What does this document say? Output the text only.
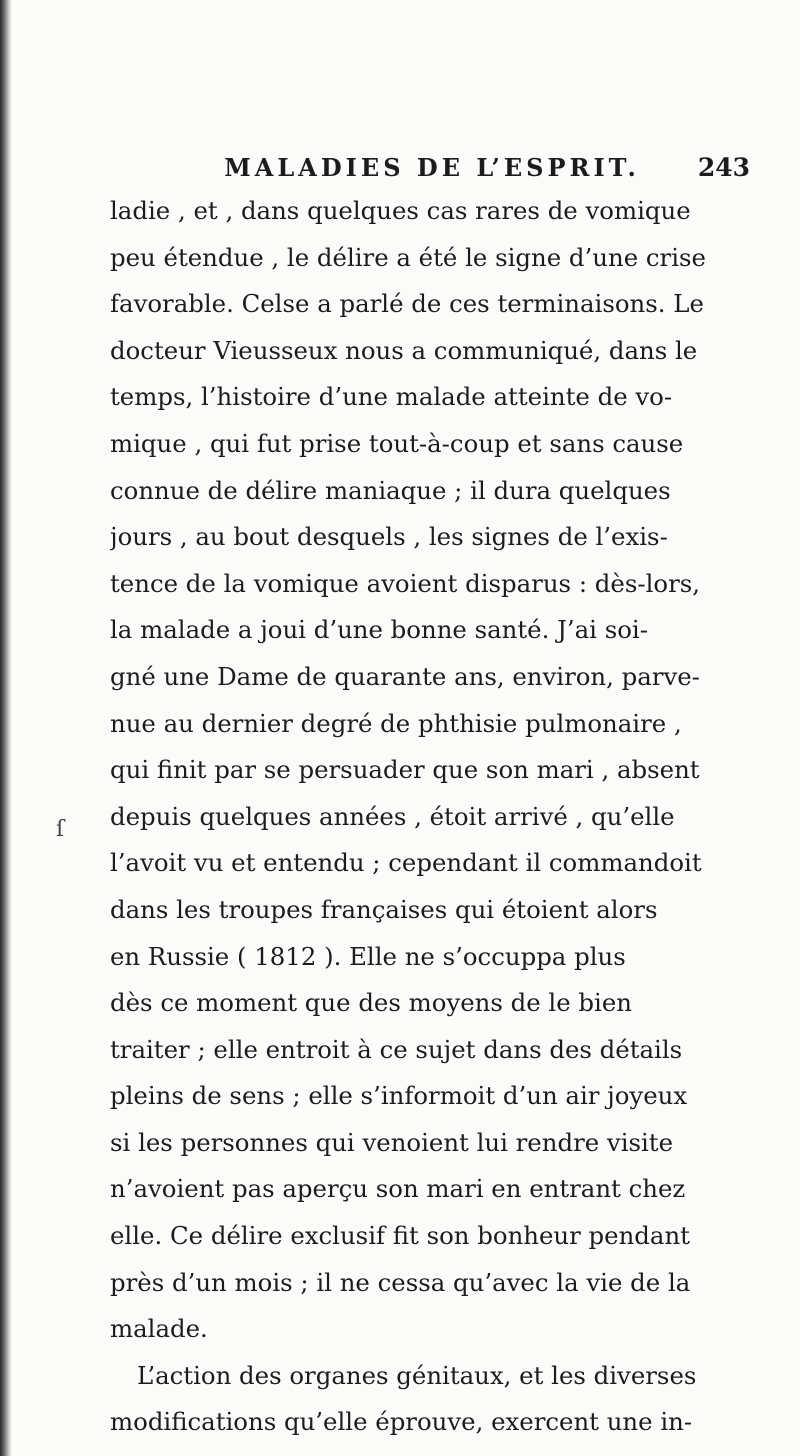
MALADIES DE L’ESPRIT.	243
ſ
ladie , et , dans quelques cas rares de vomique
peu étendue , le délire a été le signe d’une crise
favorable. Celse a parlé de ces terminaisons. Le
docteur Vieusseux nous a communiqué, dans le
temps, l’histoire d’une malade atteinte de vo-
mique , qui fut prise tout-à-coup et sans cause
connue de délire maniaque ; il dura quelques
jours , au bout desquels , les signes de l’exis-
tence de la vomique avoient disparus : dès-lors,
la malade a joui d’une bonne santé. J’ai soi-
gné une Dame de quarante ans, environ, parve-
nue au dernier degré de phthisie pulmonaire ,
qui finit par se persuader que son mari , absent
depuis quelques années , étoit arrivé , qu’elle
l’avoit vu et entendu ; cependant il commandoit
dans les troupes françaises qui étoient alors
en Russie ( 1812 ). Elle ne s’occuppa plus
dès ce moment que des moyens de le bien
traiter ; elle entroit à ce sujet dans des détails
pleins de sens ; elle s’informoit d’un air joyeux
si les personnes qui venoient lui rendre visite
n’avoient pas aperçu son mari en entrant chez
elle. Ce délire exclusif fit son bonheur pendant
près d’un mois ; il ne cessa qu’avec la vie de la
malade.
L’action des organes génitaux, et les diverses
modifications qu’elle éprouve, exercent une in-
